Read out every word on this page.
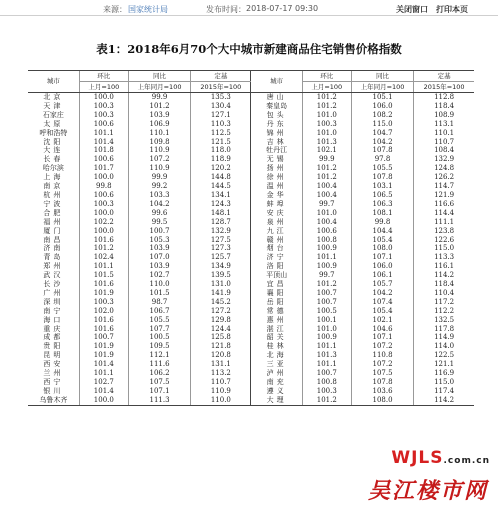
来源： 国家统计局	发布时间： 2018-07-17 09:30	关闭窗口 打印本页
表1：2018年6月70个大中城市新建商品住宅销售价格指数
城市	环比	同比	定基	城市	环比	同比	定基
	上月=100	上年同月=100	2015年=100		上月=100	上年同月=100	2015年=100
北京	100.0	99.9	135.3	唐山	101.2	105.1	112.8
天津	100.3	101.2	130.4	秦皇岛	101.2	106.0	118.4
石家庄	100.3	103.9	127.1	包头	101.0	108.2	108.9
太原	100.6	106.9	110.3	丹东	100.3	115.0	113.1
呼和浩特	101.1	110.1	112.5	锦州	101.0	104.7	110.1
沈阳	101.4	109.8	121.5	吉林	101.3	104.2	110.7
大连	101.8	110.9	118.0	牡丹江	102.1	107.8	108.4
长春	100.6	107.2	118.9	无锡	99.9	97.8	132.9
哈尔滨	101.7	110.9	120.2	扬州	101.2	105.5	124.8
上海	100.0	99.9	144.8	徐州	101.2	107.8	126.2
南京	99.8	99.2	144.5	温州	100.4	103.1	114.7
杭州	100.6	103.3	134.1	金华	100.4	106.5	121.9
宁波	100.3	104.2	124.3	蚌埠	99.7	106.3	116.6
合肥	100.0	99.6	148.1	安庆	101.0	108.1	114.4
福州	102.2	99.5	128.7	泉州	100.4	99.8	111.1
厦门	100.0	100.7	132.9	九江	100.6	104.4	123.8
南昌	101.6	105.3	127.5	赣州	100.8	105.4	122.6
济南	101.2	103.9	127.3	烟台	100.9	108.0	115.0
青岛	102.4	107.0	125.7	济宁	101.1	107.1	113.3
郑州	101.1	103.9	134.9	洛阳	100.9	106.0	116.1
武汉	101.5	102.7	139.5	平顶山	99.7	106.1	114.2
长沙	101.6	110.0	131.0	宜昌	101.2	105.7	118.4
广州	101.9	101.5	141.9	襄阳	100.7	104.2	110.4
深圳	100.3	98.7	145.2	岳阳	100.7	107.4	117.2
南宁	102.0	106.7	127.2	常德	100.5	105.4	112.2
海口	101.6	105.5	129.8	惠州	100.1	102.1	132.5
重庆	101.6	107.7	124.4	湛江	101.0	104.6	117.8
成都	100.7	100.5	125.8	韶关	100.9	107.1	114.9
贵阳	101.9	109.5	121.8	桂林	101.1	107.2	114.0
昆明	101.9	112.1	120.8	北海	101.3	110.8	122.5
西安	101.4	111.6	131.1	三亚	101.1	107.2	121.1
兰州	101.1	106.2	113.2	泸州	100.7	107.5	116.9
西宁	102.7	107.5	110.7	南充	100.8	107.8	115.0
银川	101.4	107.1	110.9	遵义	100.3	103.6	117.4
乌鲁木齐	100.0	111.3	110.0	大理	101.2	108.0	114.2
WJLS.com.cn
吴江楼市网
